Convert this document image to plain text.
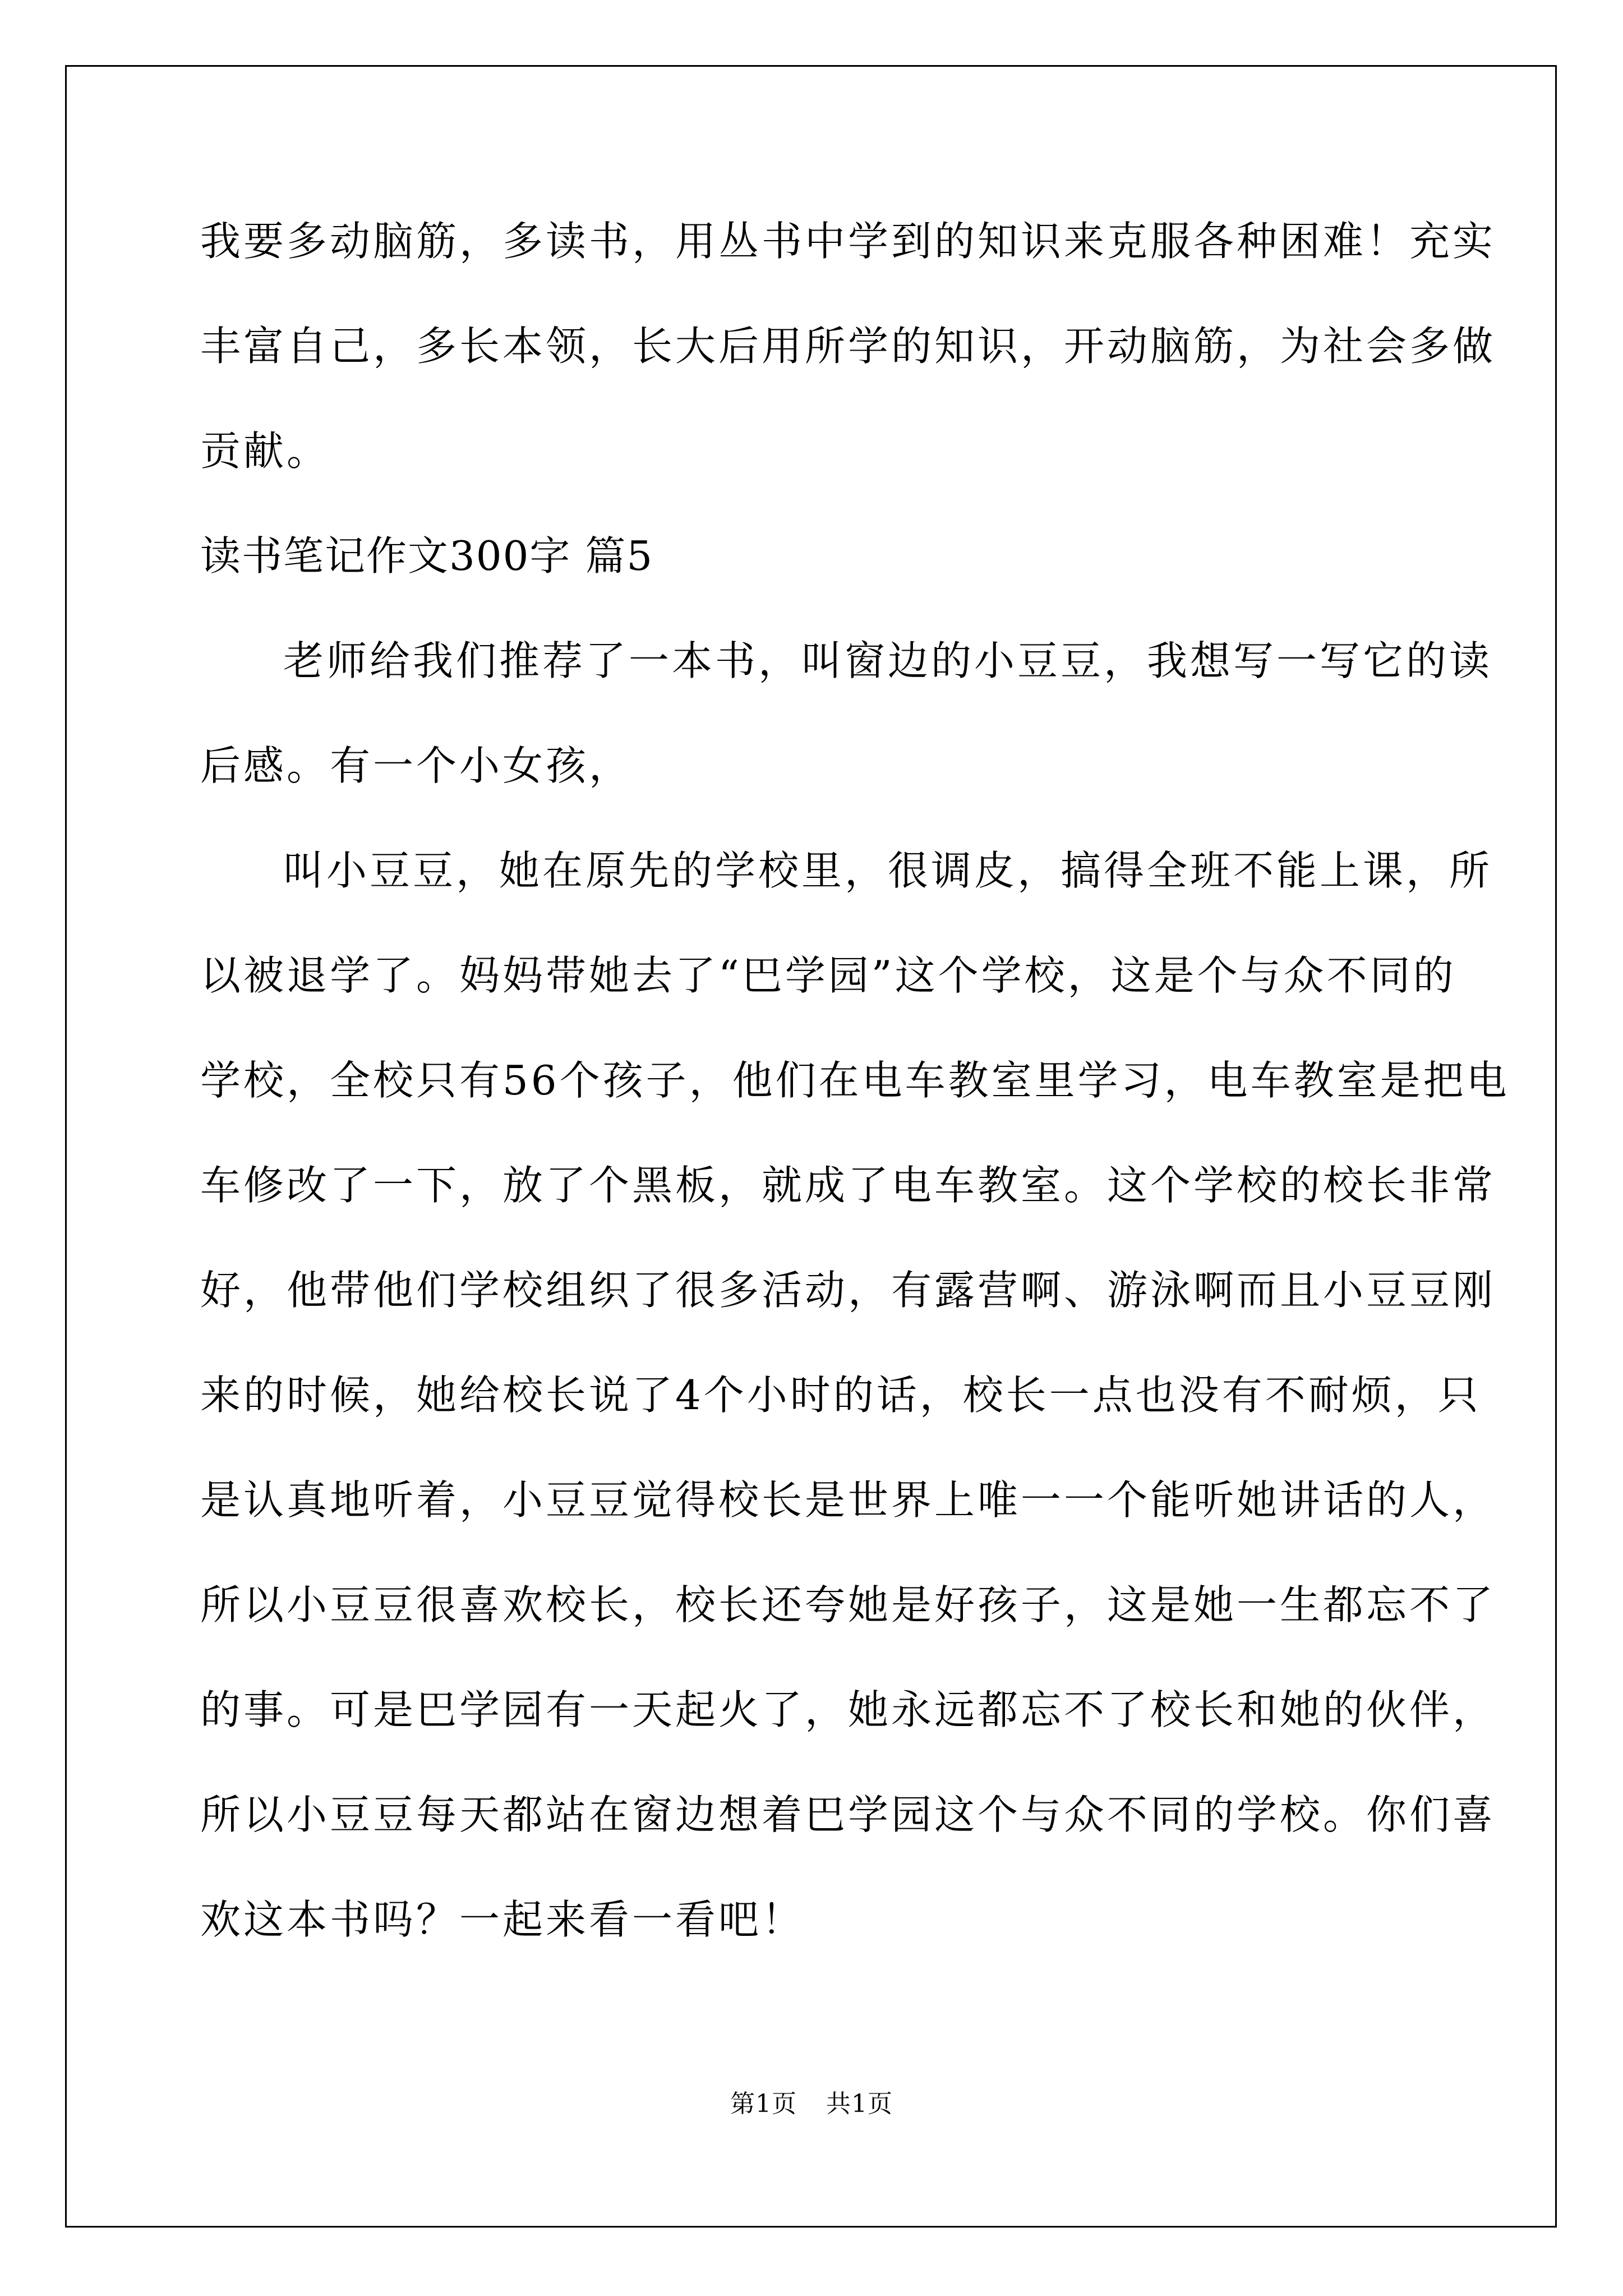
我要多动脑筋，多读书，用丛书中学到的知识来克服各种困难！充实
丰富自己，多长本领，长大后用所学的知识，开动脑筋，为社会多做
贡献。
读书笔记作文300字 篇5
老师给我们推荐了一本书，叫窗边的小豆豆，我想写一写它的读
后感。有一个小女孩，
叫小豆豆，她在原先的学校里，很调皮，搞得全班不能上课，所
以被退学了。妈妈带她去了“巴学园”这个学校，这是个与众不同的
学校，全校只有56个孩子，他们在电车教室里学习，电车教室是把电
车修改了一下，放了个黑板，就成了电车教室。这个学校的校长非常
好，他带他们学校组织了很多活动，有露营啊、游泳啊而且小豆豆刚
来的时候，她给校长说了4个小时的话，校长一点也没有不耐烦，只
是认真地听着，小豆豆觉得校长是世界上唯一一个能听她讲话的人，
所以小豆豆很喜欢校长，校长还夸她是好孩子，这是她一生都忘不了
的事。可是巴学园有一天起火了，她永远都忘不了校长和她的伙伴，
所以小豆豆每天都站在窗边想着巴学园这个与众不同的学校。你们喜
欢这本书吗？一起来看一看吧！
第1页 共1页
